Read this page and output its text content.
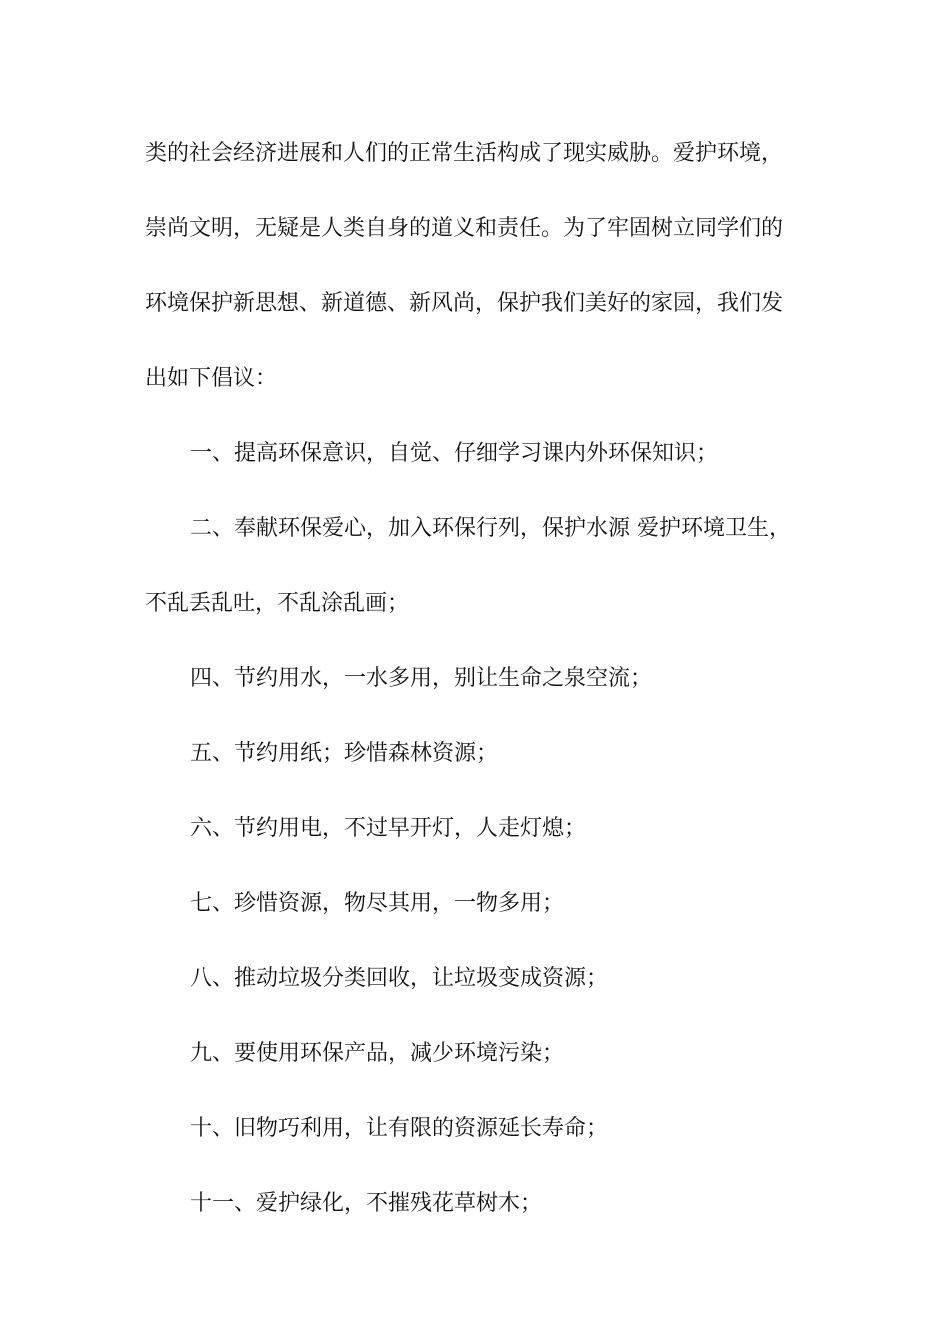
类的社会经济进展和人们的正常生活构成了现实威胁。爱护环境，
崇尚文明，无疑是人类自身的道义和责任。为了牢固树立同学们的
环境保护新思想、新道德、新风尚，保护我们美好的家园，我们发
出如下倡议：
一、提高环保意识，自觉、仔细学习课内外环保知识；
二、奉献环保爱心，加入环保行列，保护水源 爱护环境卫生，
不乱丢乱吐，不乱涂乱画；
四、节约用水，一水多用，别让生命之泉空流；
五、节约用纸；珍惜森林资源；
六、节约用电，不过早开灯，人走灯熄；
七、珍惜资源，物尽其用，一物多用；
八、推动垃圾分类回收，让垃圾变成资源；
九、要使用环保产品，减少环境污染；
十、旧物巧利用，让有限的资源延长寿命；
十一、爱护绿化，不摧残花草树木；
